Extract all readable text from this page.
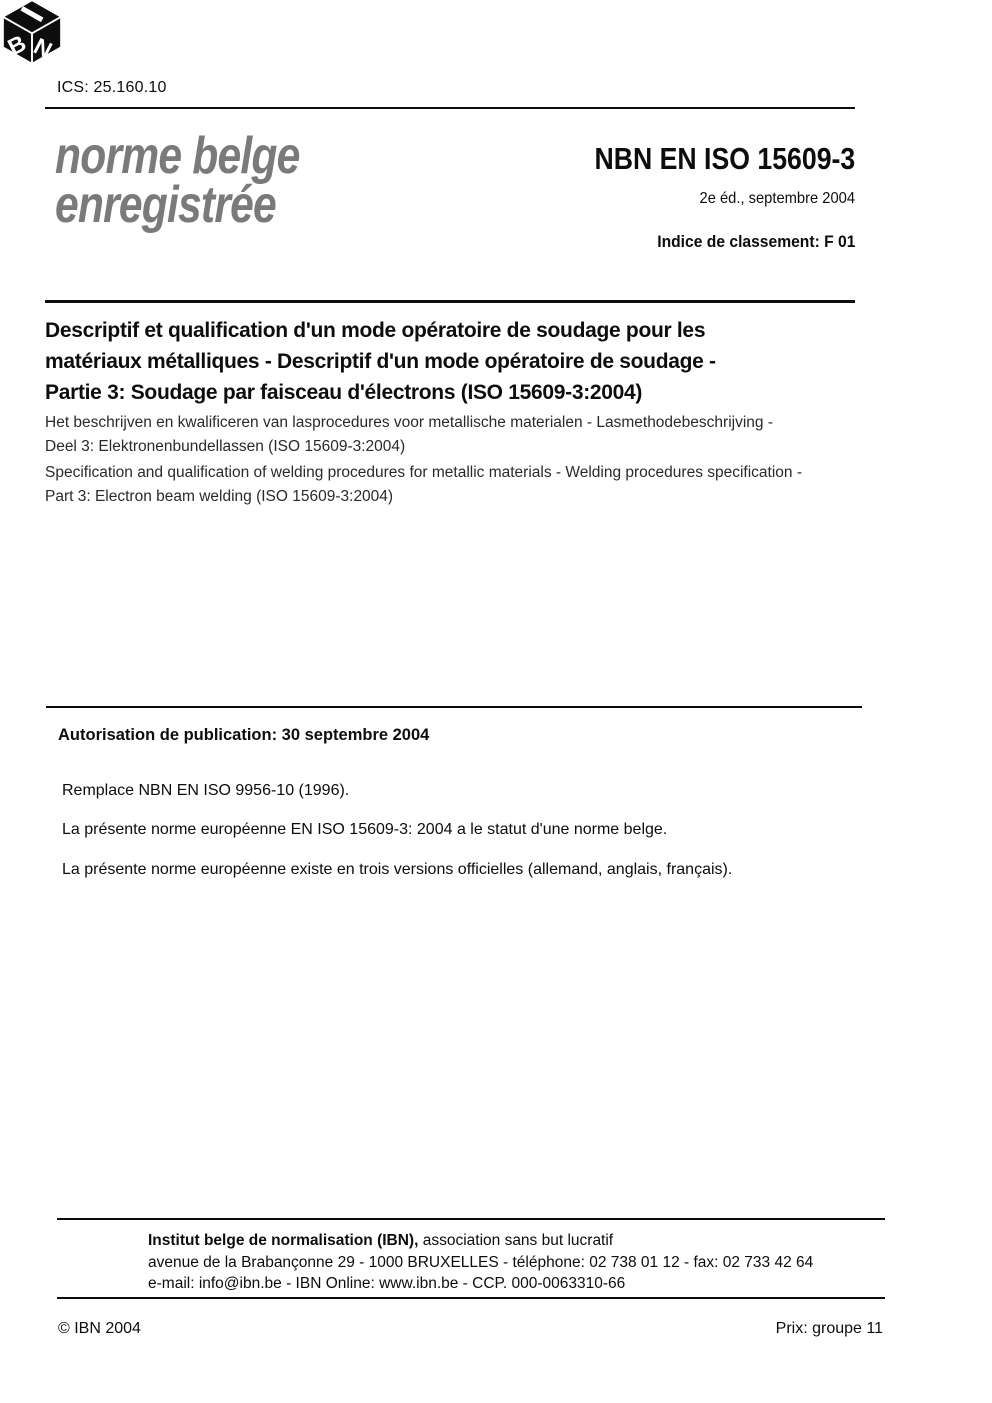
ICS: 25.160.10
norme belge
enregistrée
NBN EN ISO 15609-3
2e éd., septembre 2004
Indice de classement: F 01
Descriptif et qualification d'un mode opératoire de soudage pour les
matériaux métalliques - Descriptif d'un mode opératoire de soudage -
Partie 3: Soudage par faisceau d'électrons (ISO 15609-3:2004)
Het beschrijven en kwalificeren van lasprocedures voor metallische materialen - Lasmethodebeschrijving -
Deel 3: Elektronenbundellassen (ISO 15609-3:2004)
Specification and qualification of welding procedures for metallic materials - Welding procedures specification -
Part 3: Electron beam welding (ISO 15609-3:2004)
Autorisation de publication: 30 septembre 2004
Remplace NBN EN ISO 9956-10 (1996).
La présente norme européenne EN ISO 15609-3: 2004 a le statut d'une norme belge.
La présente norme européenne existe en trois versions officielles (allemand, anglais, français).
B N
Institut belge de normalisation (IBN), association sans but lucratif
avenue de la Brabançonne 29 - 1000 BRUXELLES - téléphone: 02 738 01 12 - fax: 02 733 42 64
e-mail: info@ibn.be - IBN Online: www.ibn.be - CCP. 000-0063310-66
© IBN 2004	Prix: groupe 11
